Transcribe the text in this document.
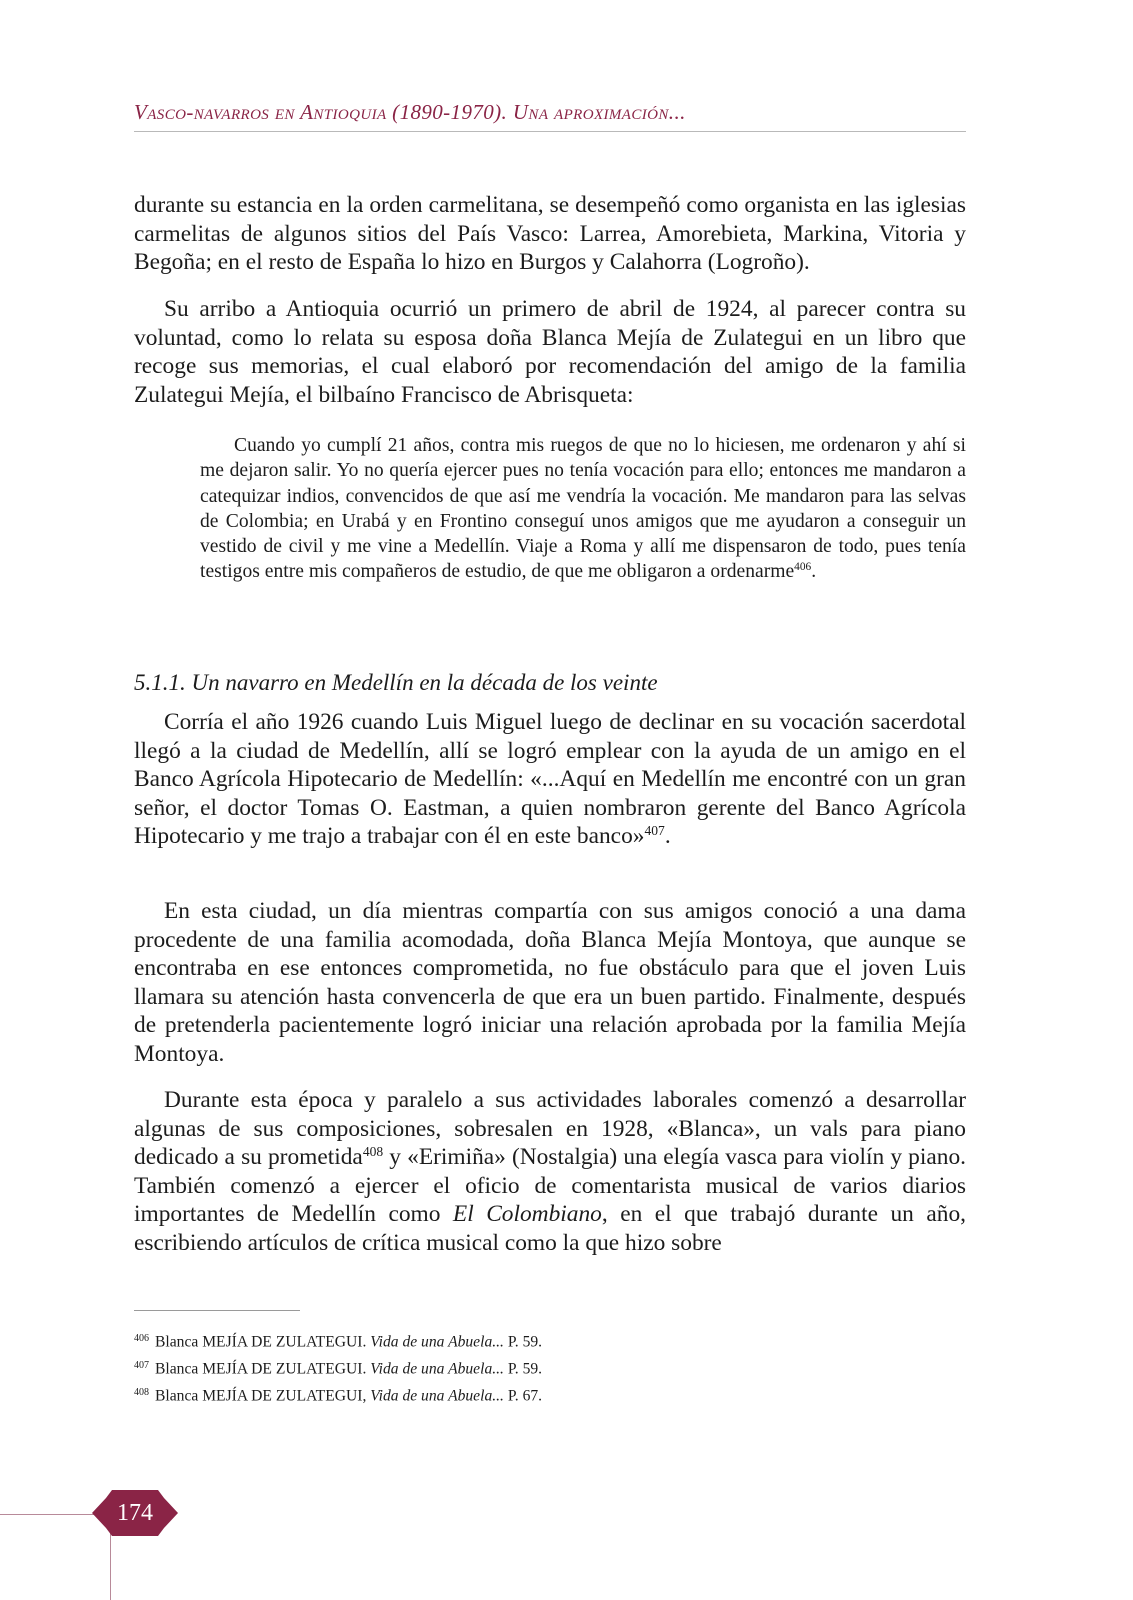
Vasco-navarros en Antioquia (1890-1970). Una aproximación...

durante su estancia en la orden carmelitana, se desempeñó como organista en las iglesias carmelitas de algunos sitios del País Vasco: Larrea, Amorebieta, Markina, Vitoria y Begoña; en el resto de España lo hizo en Burgos y Calahorra (Logroño).

Su arribo a Antioquia ocurrió un primero de abril de 1924, al parecer contra su voluntad, como lo relata su esposa doña Blanca Mejía de Zulategui en un libro que recoge sus memorias, el cual elaboró por recomendación del amigo de la familia Zulategui Mejía, el bilbaíno Francisco de Abrisqueta:

Cuando yo cumplí 21 años, contra mis ruegos de que no lo hiciesen, me ordenaron y ahí si me dejaron salir. Yo no quería ejercer pues no tenía vocación para ello; entonces me mandaron a catequizar indios, convencidos de que así me vendría la vocación. Me mandaron para las selvas de Colombia; en Urabá y en Frontino conseguí unos amigos que me ayudaron a conseguir un vestido de civil y me vine a Medellín. Viaje a Roma y allí me dispensaron de todo, pues tenía testigos entre mis compañeros de estudio, de que me obligaron a ordenarme$^{406}$.

5.1.1. Un navarro en Medellín en la década de los veinte

Corría el año 1926 cuando Luis Miguel luego de declinar en su vocación sacerdotal llegó a la ciudad de Medellín, allí se logró emplear con la ayuda de un amigo en el Banco Agrícola Hipotecario de Medellín: «...Aquí en Medellín me encontré con un gran señor, el doctor Tomas O. Eastman, a quien nombraron gerente del Banco Agrícola Hipotecario y me trajo a trabajar con él en este banco»$^{407}$.

En esta ciudad, un día mientras compartía con sus amigos conoció a una dama procedente de una familia acomodada, doña Blanca Mejía Montoya, que aunque se encontraba en ese entonces comprometida, no fue obstáculo para que el joven Luis llamara su atención hasta convencerla de que era un buen partido. Finalmente, después de pretenderla pacientemente logró iniciar una relación aprobada por la familia Mejía Montoya.

Durante esta época y paralelo a sus actividades laborales comenzó a desarrollar algunas de sus composiciones, sobresalen en 1928, «Blanca», un vals para piano dedicado a su prometida$^{408}$ y «Erimiña» (Nostalgia) una elegía vasca para violín y piano. También comenzó a ejercer el oficio de comentarista musical de varios diarios importantes de Medellín como El Colombiano, en el que trabajó durante un año, escribiendo artículos de crítica musical como la que hizo sobre

$^{406}$ Blanca MEJÍA DE ZULATEGUI. Vida de una Abuela... P. 59.
$^{407}$ Blanca MEJÍA DE ZULATEGUI. Vida de una Abuela... P. 59.
$^{408}$ Blanca MEJÍA DE ZULATEGUI, Vida de una Abuela... P. 67.
174
